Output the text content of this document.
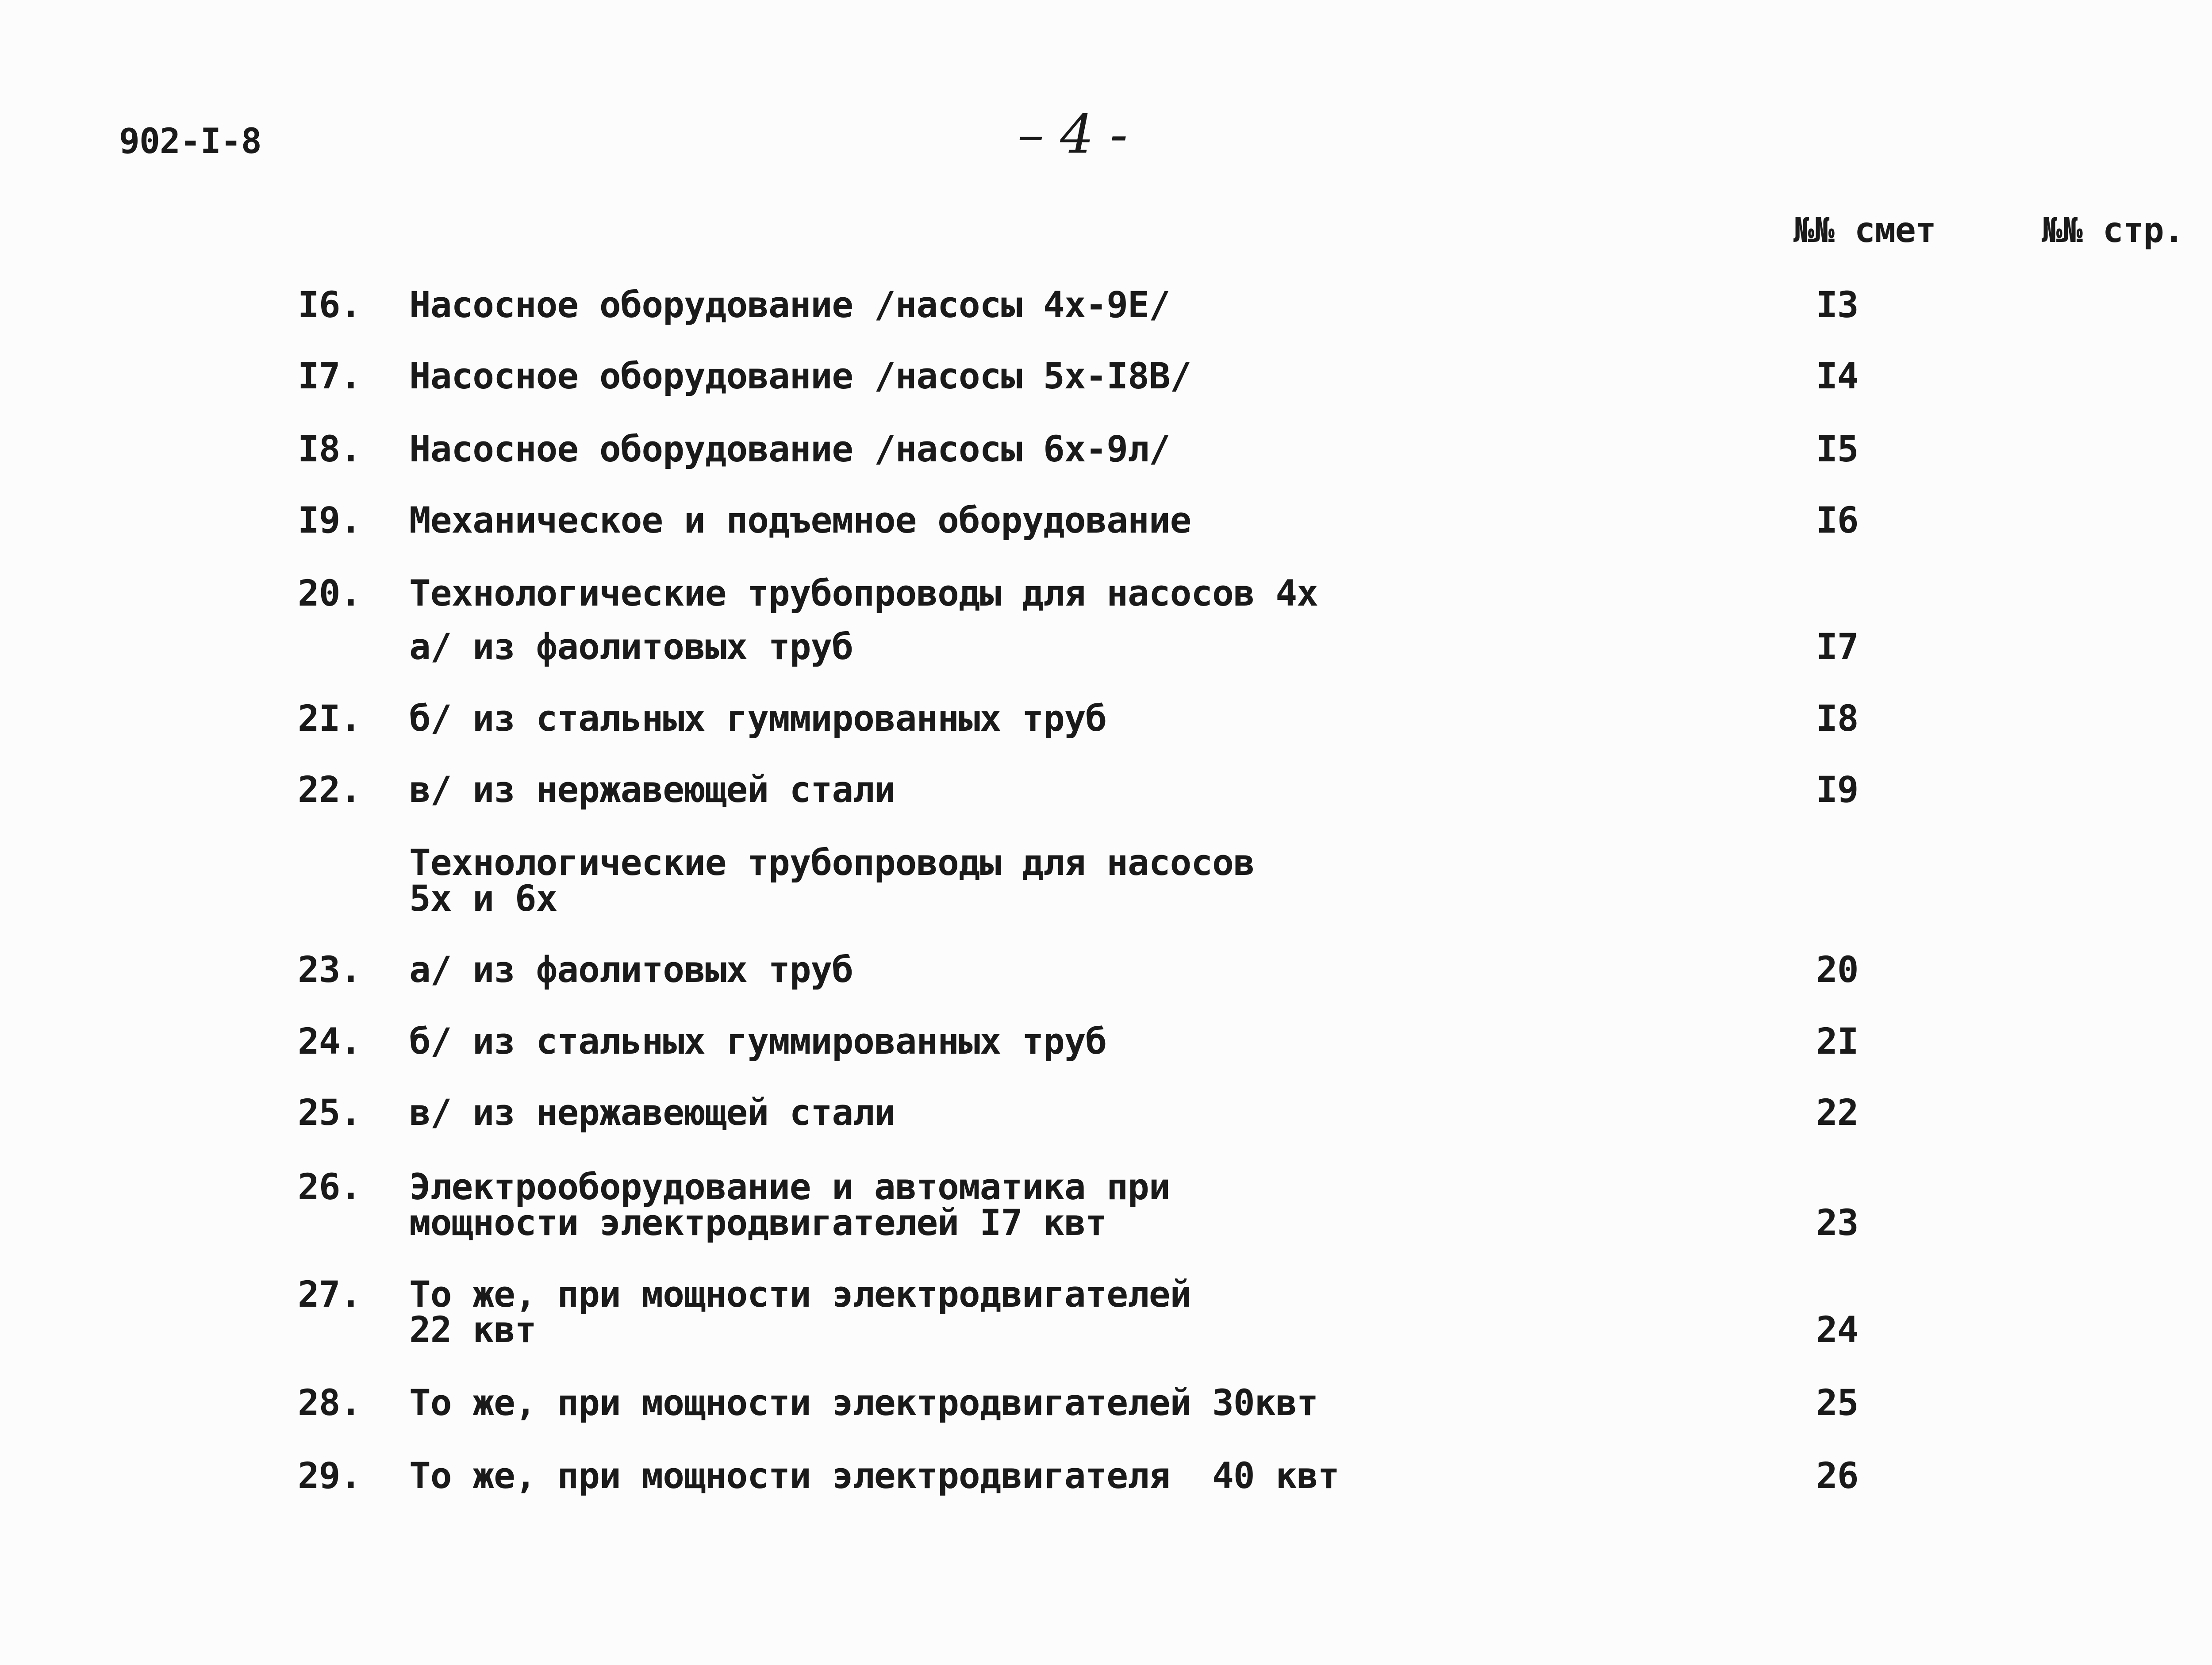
902-I-8	– 4 -
№№ смет	№№ стр.
I6. Насосное оборудование /насосы 4х-9Е/	I3
I7. Насосное оборудование /насосы 5х-I8В/	I4
I8. Насосное оборудование /насосы 6х-9л/	I5
I9. Механическое и подъемное оборудование	I6
20. Технологические трубопроводы для насосов 4х
а/ из фаолитовых труб	I7
2I. б/ из стальных гуммированных труб	I8
22. в/ из нержавеющей стали	I9
Технологические трубопроводы для насосов
5х и 6х
23. а/ из фаолитовых труб	20
24. б/ из стальных гуммированных труб	2I
25. в/ из нержавеющей стали	22
26. Электрооборудование и автоматика при
мощности электродвигателей I7 квт	23
27. То же, при мощности электродвигателей
22 квт	24
28. То же, при мощности электродвигателей 30квт	25
29. То же, при мощности электродвигателя  40 квт	26
